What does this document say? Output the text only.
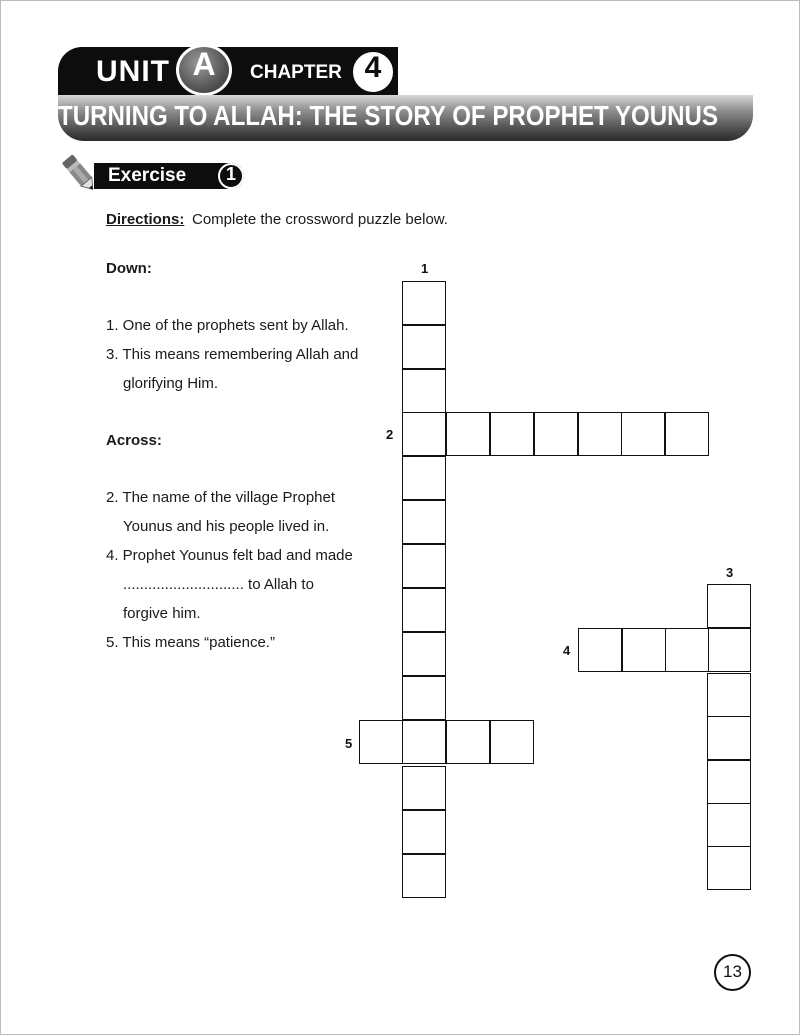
UNIT A	CHAPTER 4
TURNING TO ALLAH: THE STORY OF PROPHET YOUNUS
Exercise	1
Directions: Complete the crossword puzzle below.
Down:
1. One of the prophets sent by Allah.
3. This means remembering Allah and
glorifying Him.
Across:
2. The name of the village Prophet
Younus and his people lived in.
4. Prophet Younus felt bad and made
............................. to Allah to
forgive him.
5. This means “patience.”
1
2
3
4
5
13
